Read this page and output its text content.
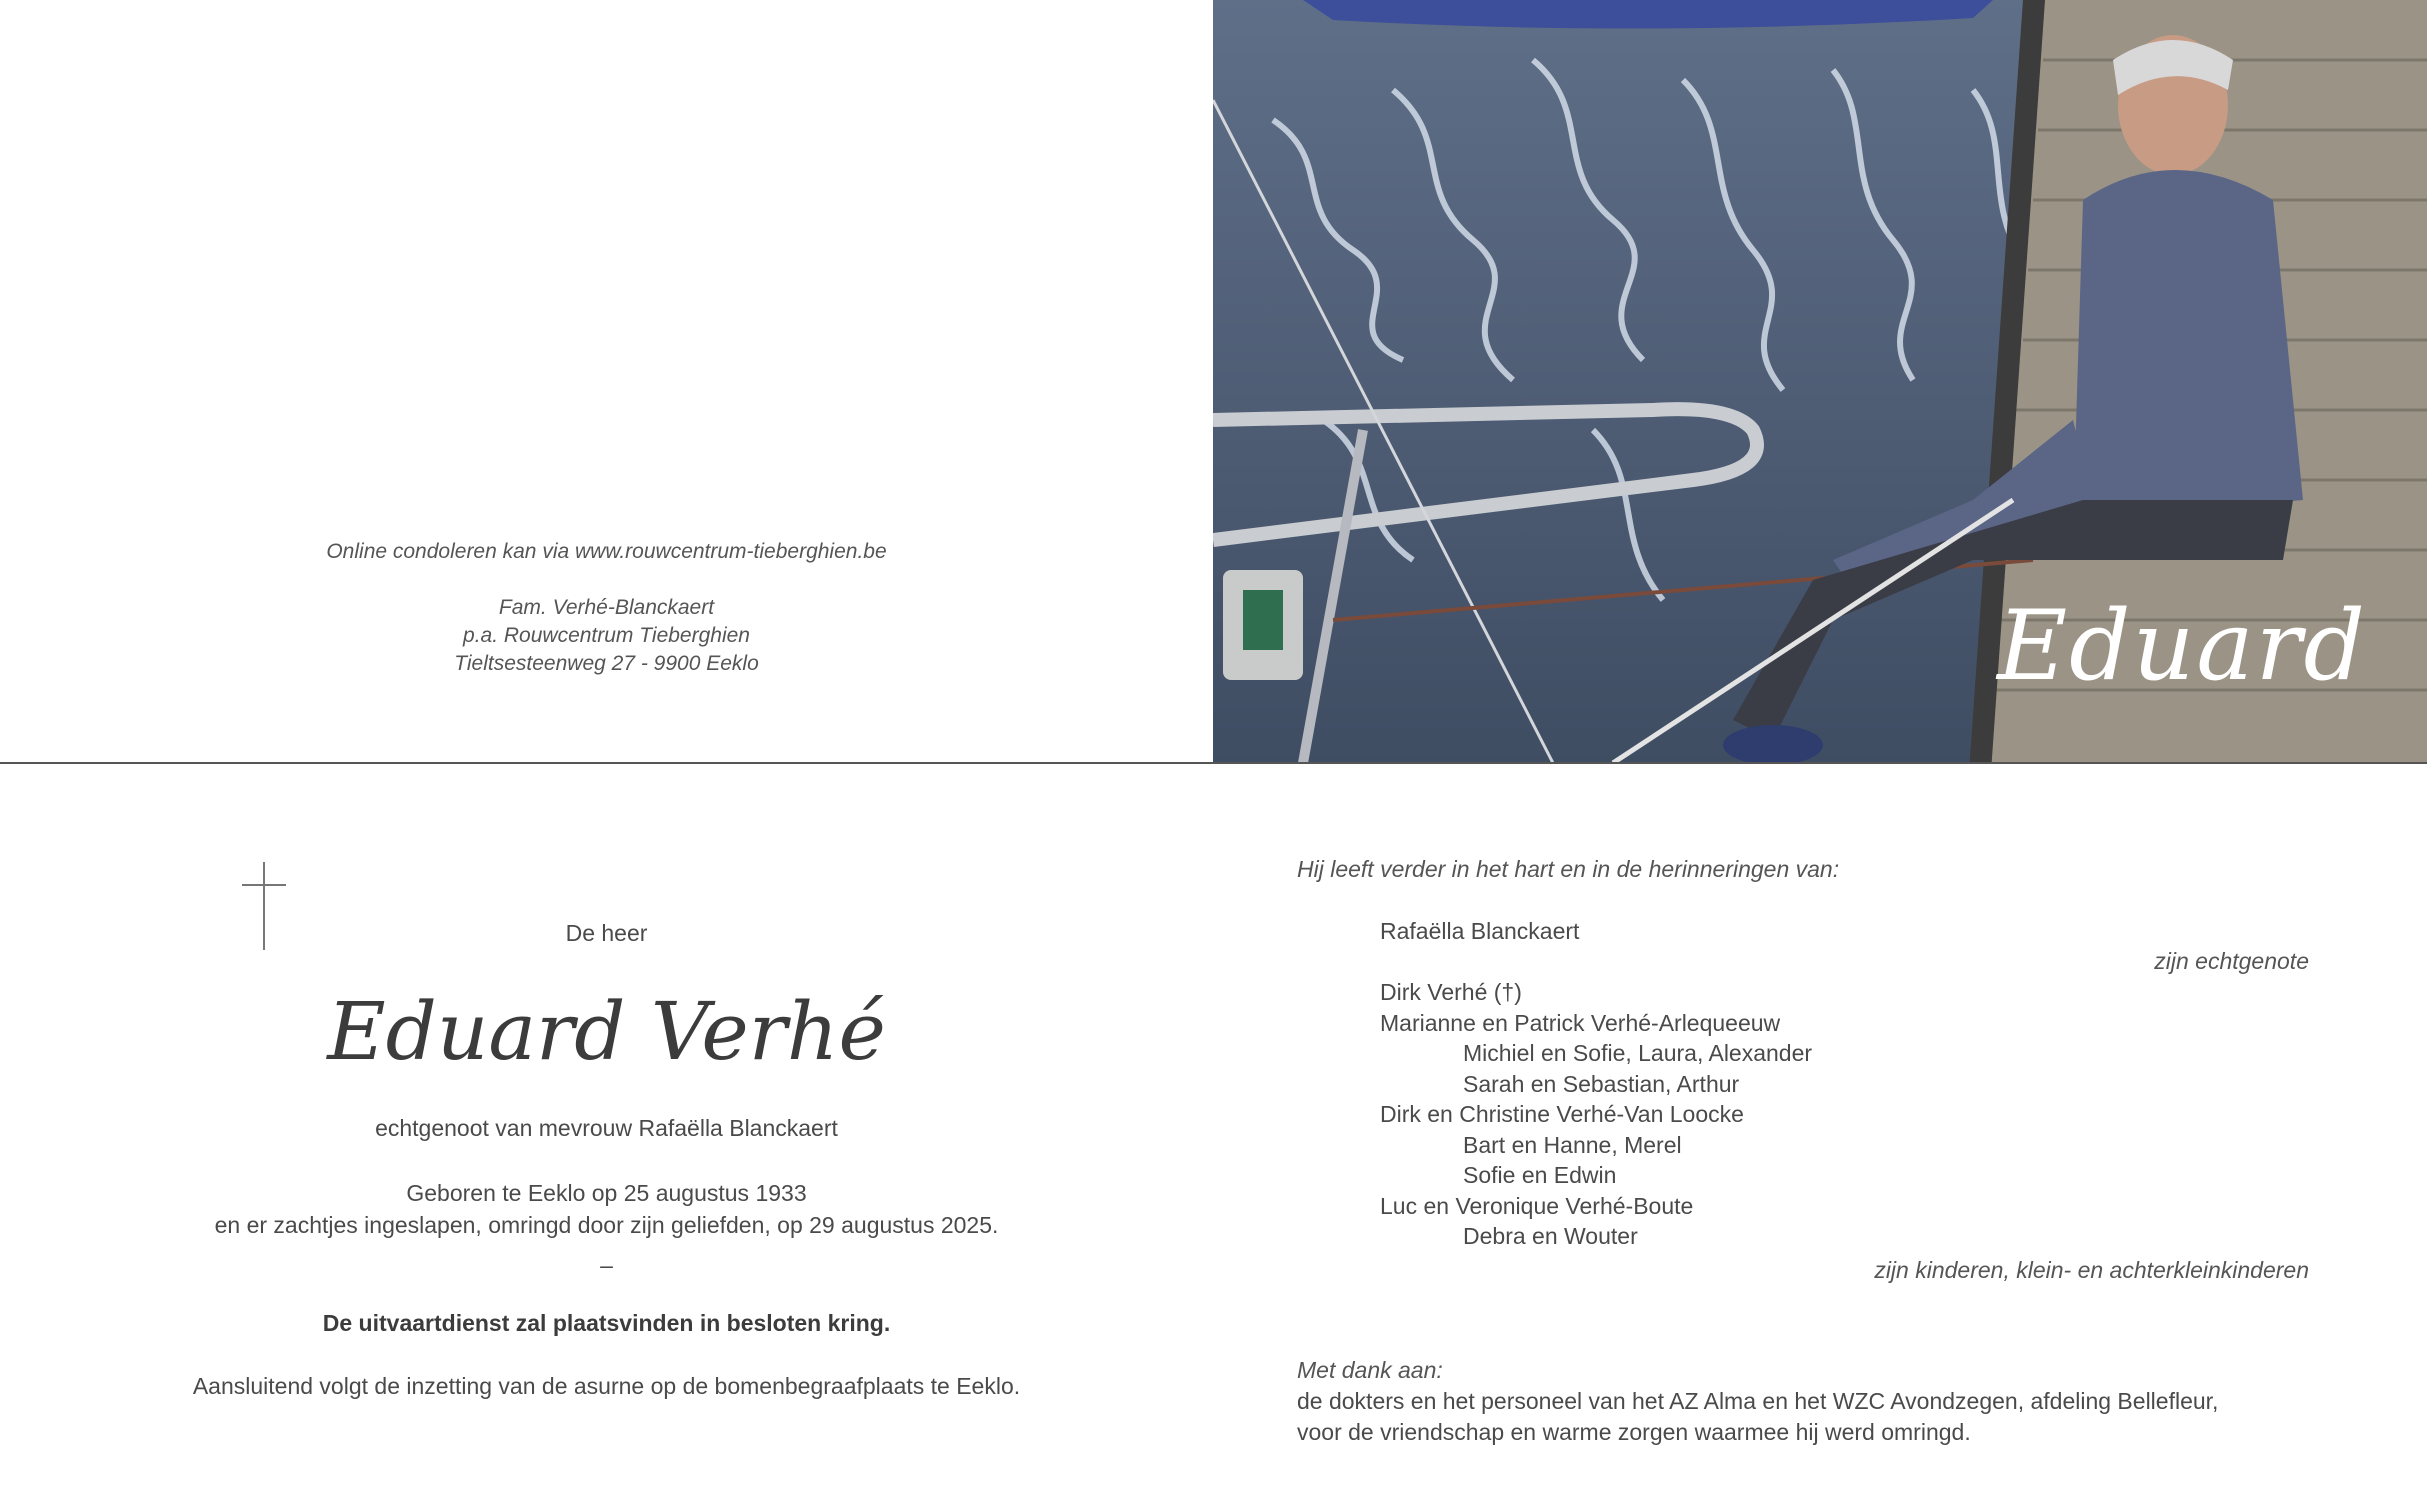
Online condoleren kan via www.rouwcentrum-tieberghien.be
Fam. Verhé-Blanckaert
p.a. Rouwcentrum Tieberghien
Tieltsesteenweg 27 - 9900 Eeklo	Eduard
De heer
Eduard Verhé
echtgenoot van mevrouw Rafaëlla Blanckaert
Geboren te Eeklo op 25 augustus 1933
en er zachtjes ingeslapen, omringd door zijn geliefden, op 29 augustus 2025.
–
De uitvaartdienst zal plaatsvinden in besloten kring.
Aansluitend volgt de inzetting van de asurne op de bomenbegraafplaats te Eeklo.
Hij leeft verder in het hart en in de herinneringen van:
Rafaëlla Blanckaert
zijn echtgenote
Dirk Verhé (†)
Marianne en Patrick Verhé-Arlequeeuw
Michiel en Sofie, Laura, Alexander
Sarah en Sebastian, Arthur
Dirk en Christine Verhé-Van Loocke
Bart en Hanne, Merel
Sofie en Edwin
Luc en Veronique Verhé-Boute
Debra en Wouter
zijn kinderen, klein- en achterkleinkinderen
Met dank aan:
de dokters en het personeel van het AZ Alma en het WZC Avondzegen, afdeling Bellefleur,
voor de vriendschap en warme zorgen waarmee hij werd omringd.
